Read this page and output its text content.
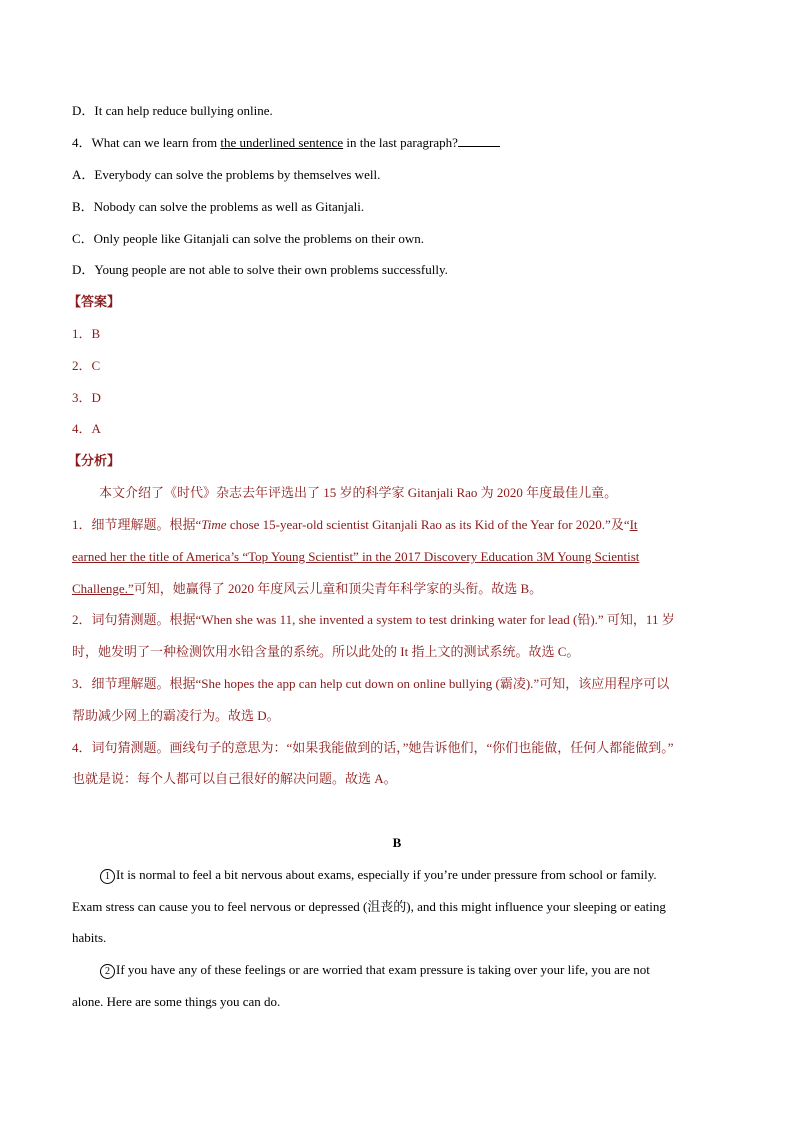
D．It can help reduce bullying online.
4．What can we learn from the underlined sentence in the last paragraph?
A．Everybody can solve the problems by themselves well.
B．Nobody can solve the problems as well as Gitanjali.
C．Only people like Gitanjali can solve the problems on their own.
D．Young people are not able to solve their own problems successfully.
【答案】
1．B
2．C
3．D
4．A
【分析】
本文介绍了《时代》杂志去年评选出了 15 岁的科学家 Gitanjali Rao 为 2020 年度最佳儿童。
1．细节理解题。根据“Time chose 15-year-old scientist Gitanjali Rao as its Kid of the Year for 2020.”及“It
earned her the title of America’s “Top Young Scientist” in the 2017 Discovery Education 3M Young Scientist
Challenge.”可知，她赢得了 2020 年度风云儿童和顶尖青年科学家的头衔。故选 B。
2．词句猜测题。根据“When she was 11, she invented a system to test drinking water for lead (铅).” 可知，11 岁
时，她发明了一种检测饮用水铅含量的系统。所以此处的 It 指上文的测试系统。故选 C。
3．细节理解题。根据“She hopes the app can help cut down on online bullying (霸凌).”可知，该应用程序可以
帮助减少网上的霸凌行为。故选 D。
4．词句猜测题。画线句子的意思为：“如果我能做到的话，”她告诉他们，“你们也能做，任何人都能做到。”
也就是说：每个人都可以自己很好的解决问题。故选 A。
B
1 It is normal to feel a bit nervous about exams, especially if you’re under pressure from school or family.
Exam stress can cause you to feel nervous or depressed (沮丧的), and this might influence your sleeping or eating
habits.
2 If you have any of these feelings or are worried that exam pressure is taking over your life, you are not
alone. Here are some things you can do.
